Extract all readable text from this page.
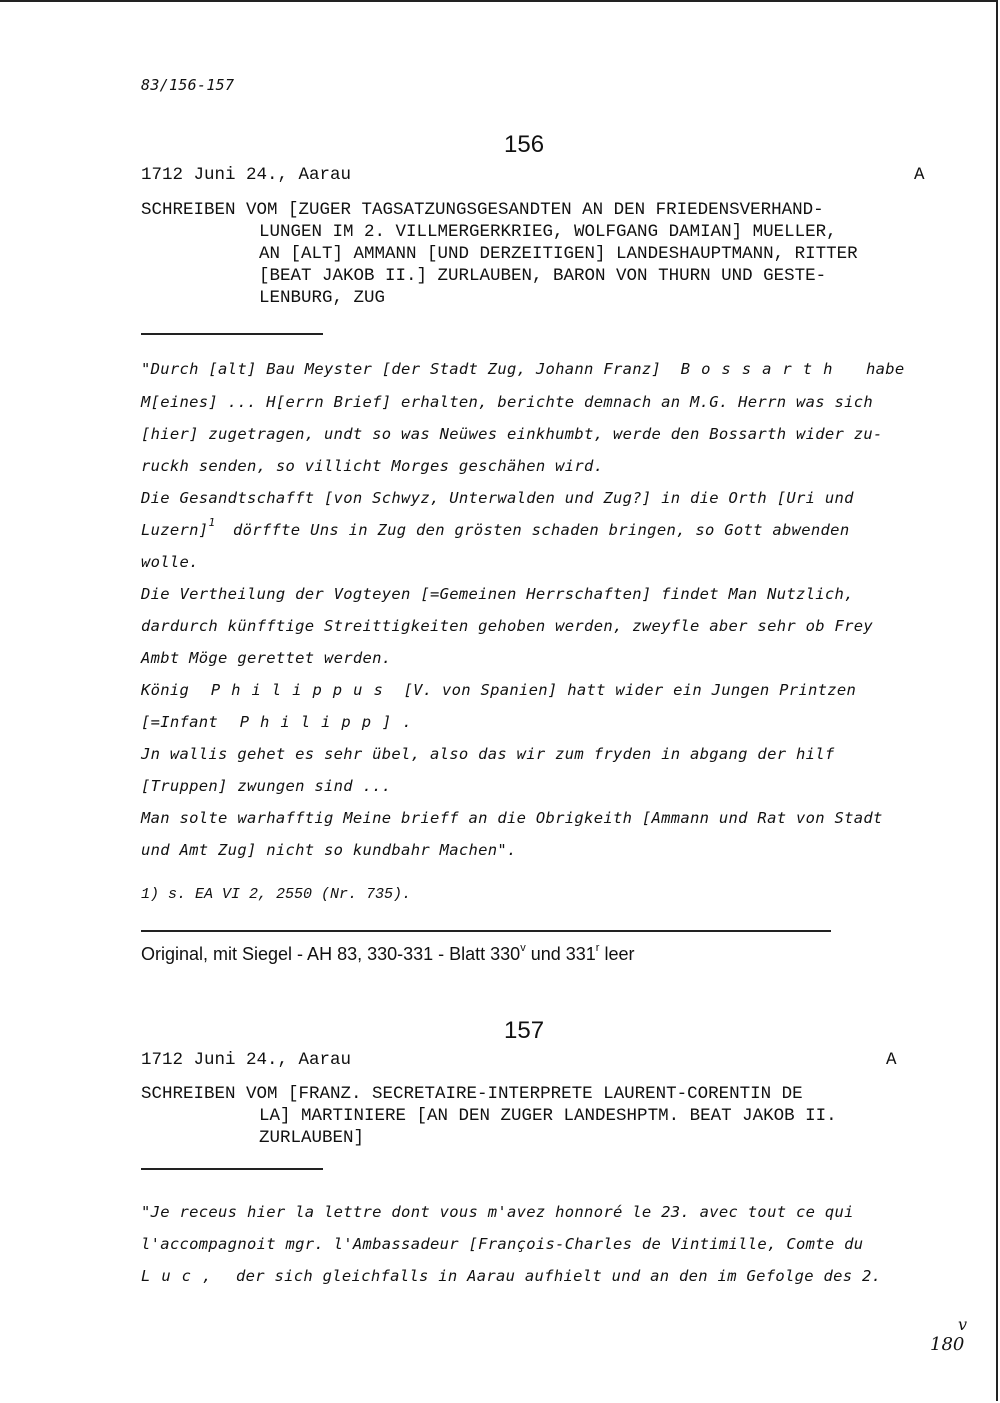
83/156-157
156
1712 Juni 24., Aarau	A
SCHREIBEN VOM [ZUGER TAGSATZUNGSGESANDTEN AN DEN FRIEDENSVERHAND-
LUNGEN IM 2. VILLMERGERKRIEG, WOLFGANG DAMIAN] MUELLER,
AN [ALT] AMMANN [UND DERZEITIGEN] LANDESHAUPTMANN, RITTER
[BEAT JAKOB II.] ZURLAUBEN, BARON VON THURN UND GESTE-
LENBURG, ZUG
"Durch [alt] Bau Meyster [der Stadt Zug, Johann Franz] Bossarth habe
M[eines] ... H[errn Brief] erhalten, berichte demnach an M.G. Herrn was sich
[hier] zugetragen, undt so was Neüwes einkhumbt, werde den Bossarth wider zu-
ruckh senden, so villicht Morges geschähen wird.
Die Gesandtschafft [von Schwyz, Unterwalden und Zug?] in die Orth [Uri und
Luzern]$^1$ dörffte Uns in Zug den grösten schaden bringen, so Gott abwenden
wolle.
Die Vertheilung der Vogteyen [=Gemeinen Herrschaften] findet Man Nutzlich,
dardurch künfftige Streittigkeiten gehoben werden, zweyfle aber sehr ob Frey
Ambt Möge gerettet werden.
König Philippus [V. von Spanien] hatt wider ein Jungen Printzen
[=Infant Philipp].
Jn wallis gehet es sehr übel, also das wir zum fryden in abgang der hilf
[Truppen] zwungen sind ...
Man solte warhafftig Meine brieff an die Obrigkeith [Ammann und Rat von Stadt
und Amt Zug] nicht so kundbahr Machen".
1) s. EA VI 2, 2550 (Nr. 735).
Original, mit Siegel - AH 83, 330-331 - Blatt 330$^v$ und 331$^r$ leer
157
1712 Juni 24., Aarau	A
SCHREIBEN VOM [FRANZ. SECRETAIRE-INTERPRETE LAURENT-CORENTIN DE
LA] MARTINIERE [AN DEN ZUGER LANDESHPTM. BEAT JAKOB II.
ZURLAUBEN]
"Je receus hier la lettre dont vous m'avez honnoré le 23. avec tout ce qui
l'accompagnoit mgr. l'Ambassadeur [François-Charles de Vintimille, Comte du
Luc, der sich gleichfalls in Aarau aufhielt und an den im Gefolge des 2.
v
180
